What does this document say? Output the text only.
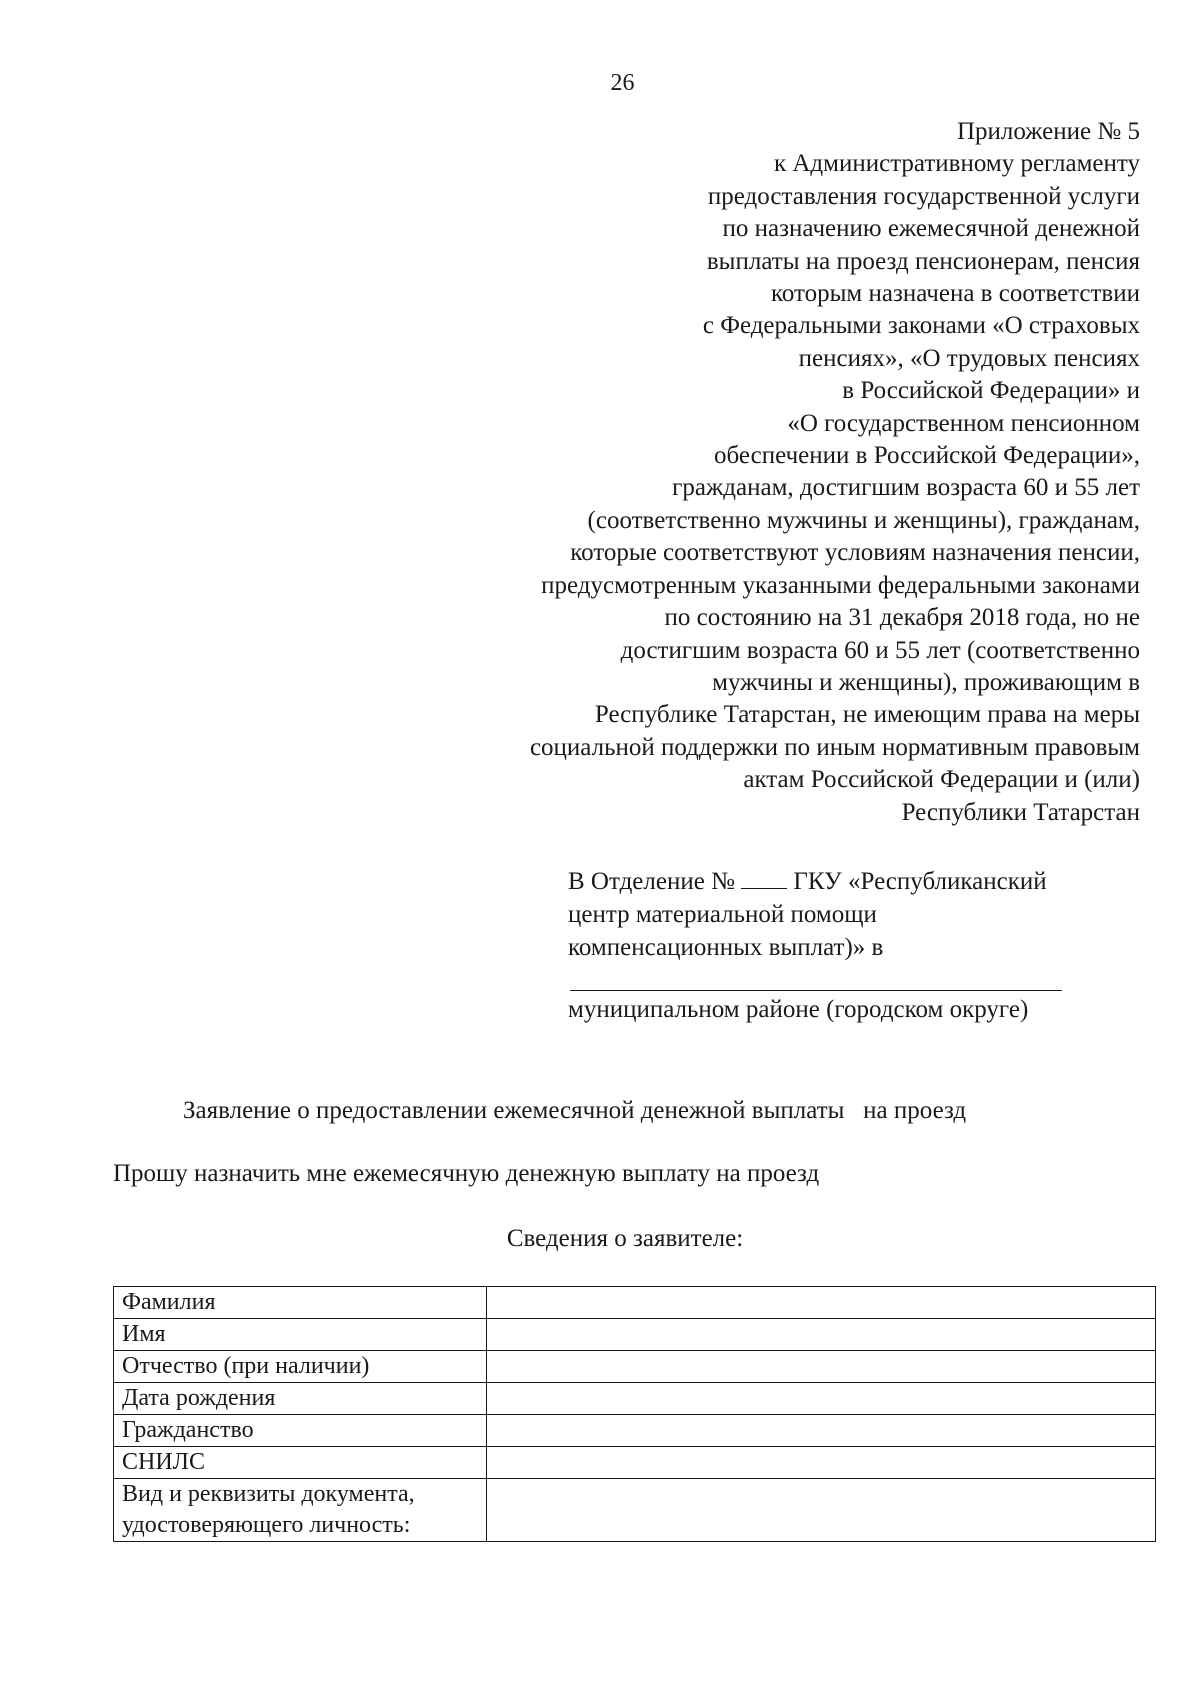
26
Приложение № 5
к Административному регламенту
предоставления государственной услуги
по назначению ежемесячной денежной
выплаты на проезд пенсионерам, пенсия
которым назначена в соответствии
с Федеральными законами «О страховых
пенсиях», «О трудовых пенсиях
в Российской Федерации» и
«О государственном пенсионном
обеспечении в Российской Федерации»,
гражданам, достигшим возраста 60 и 55 лет
(соответственно мужчины и женщины), гражданам,
которые соответствуют условиям назначения пенсии,
предусмотренным указанными федеральными законами
по состоянию на 31 декабря 2018 года, но не
достигшим возраста 60 и 55 лет (соответственно
мужчины и женщины), проживающим в
Республике Татарстан, не имеющим права на меры
социальной поддержки по иным нормативным правовым
актам Российской Федерации и (или)
Республики Татарстан
В Отделение № ГКУ «Республиканский
центр материальной помощи
компенсационных выплат)» в
муниципальном районе (городском округе)
Заявление о предоставлении ежемесячной денежной выплаты   на проезд
Прошу назначить мне ежемесячную денежную выплату на проезд
Сведения о заявителе:
Фамилия	
Имя	
Отчество (при наличии)	
Дата рождения	
Гражданство	
СНИЛС	
Вид и реквизиты документа,
удостоверяющего личность:	
